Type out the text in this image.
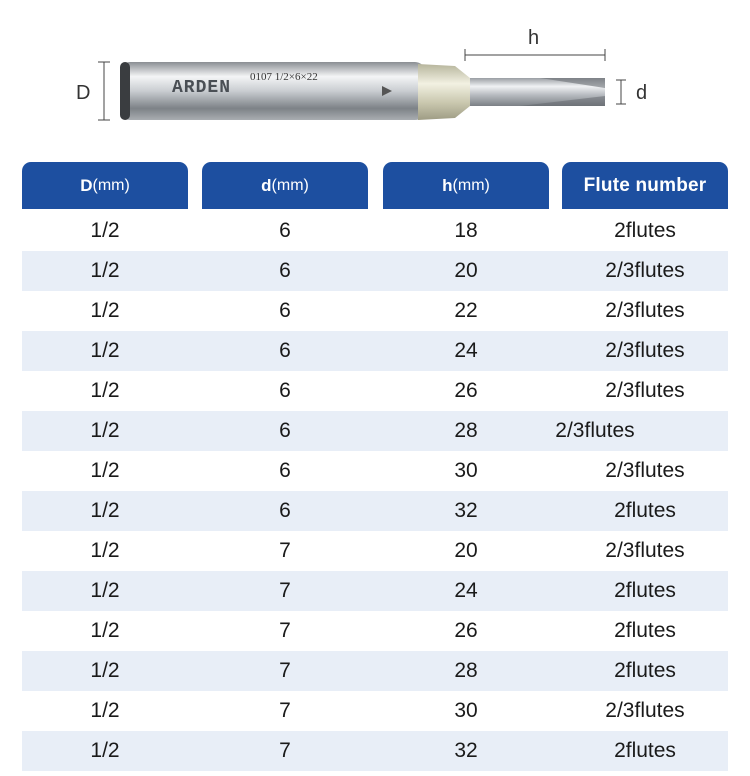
D
h
d
ARDEN
0107 1/2×6×22
D (mm)	d (mm)	h (mm)	Flute number
1/2	6	18	2flutes
1/2	6	20	2/3flutes
1/2	6	22	2/3flutes
1/2	6	24	2/3flutes
1/2	6	26	2/3flutes
1/2	6	28	2/3flutes
1/2	6	30	2/3flutes
1/2	6	32	2flutes
1/2	7	20	2/3flutes
1/2	7	24	2flutes
1/2	7	26	2flutes
1/2	7	28	2flutes
1/2	7	30	2/3flutes
1/2	7	32	2flutes
